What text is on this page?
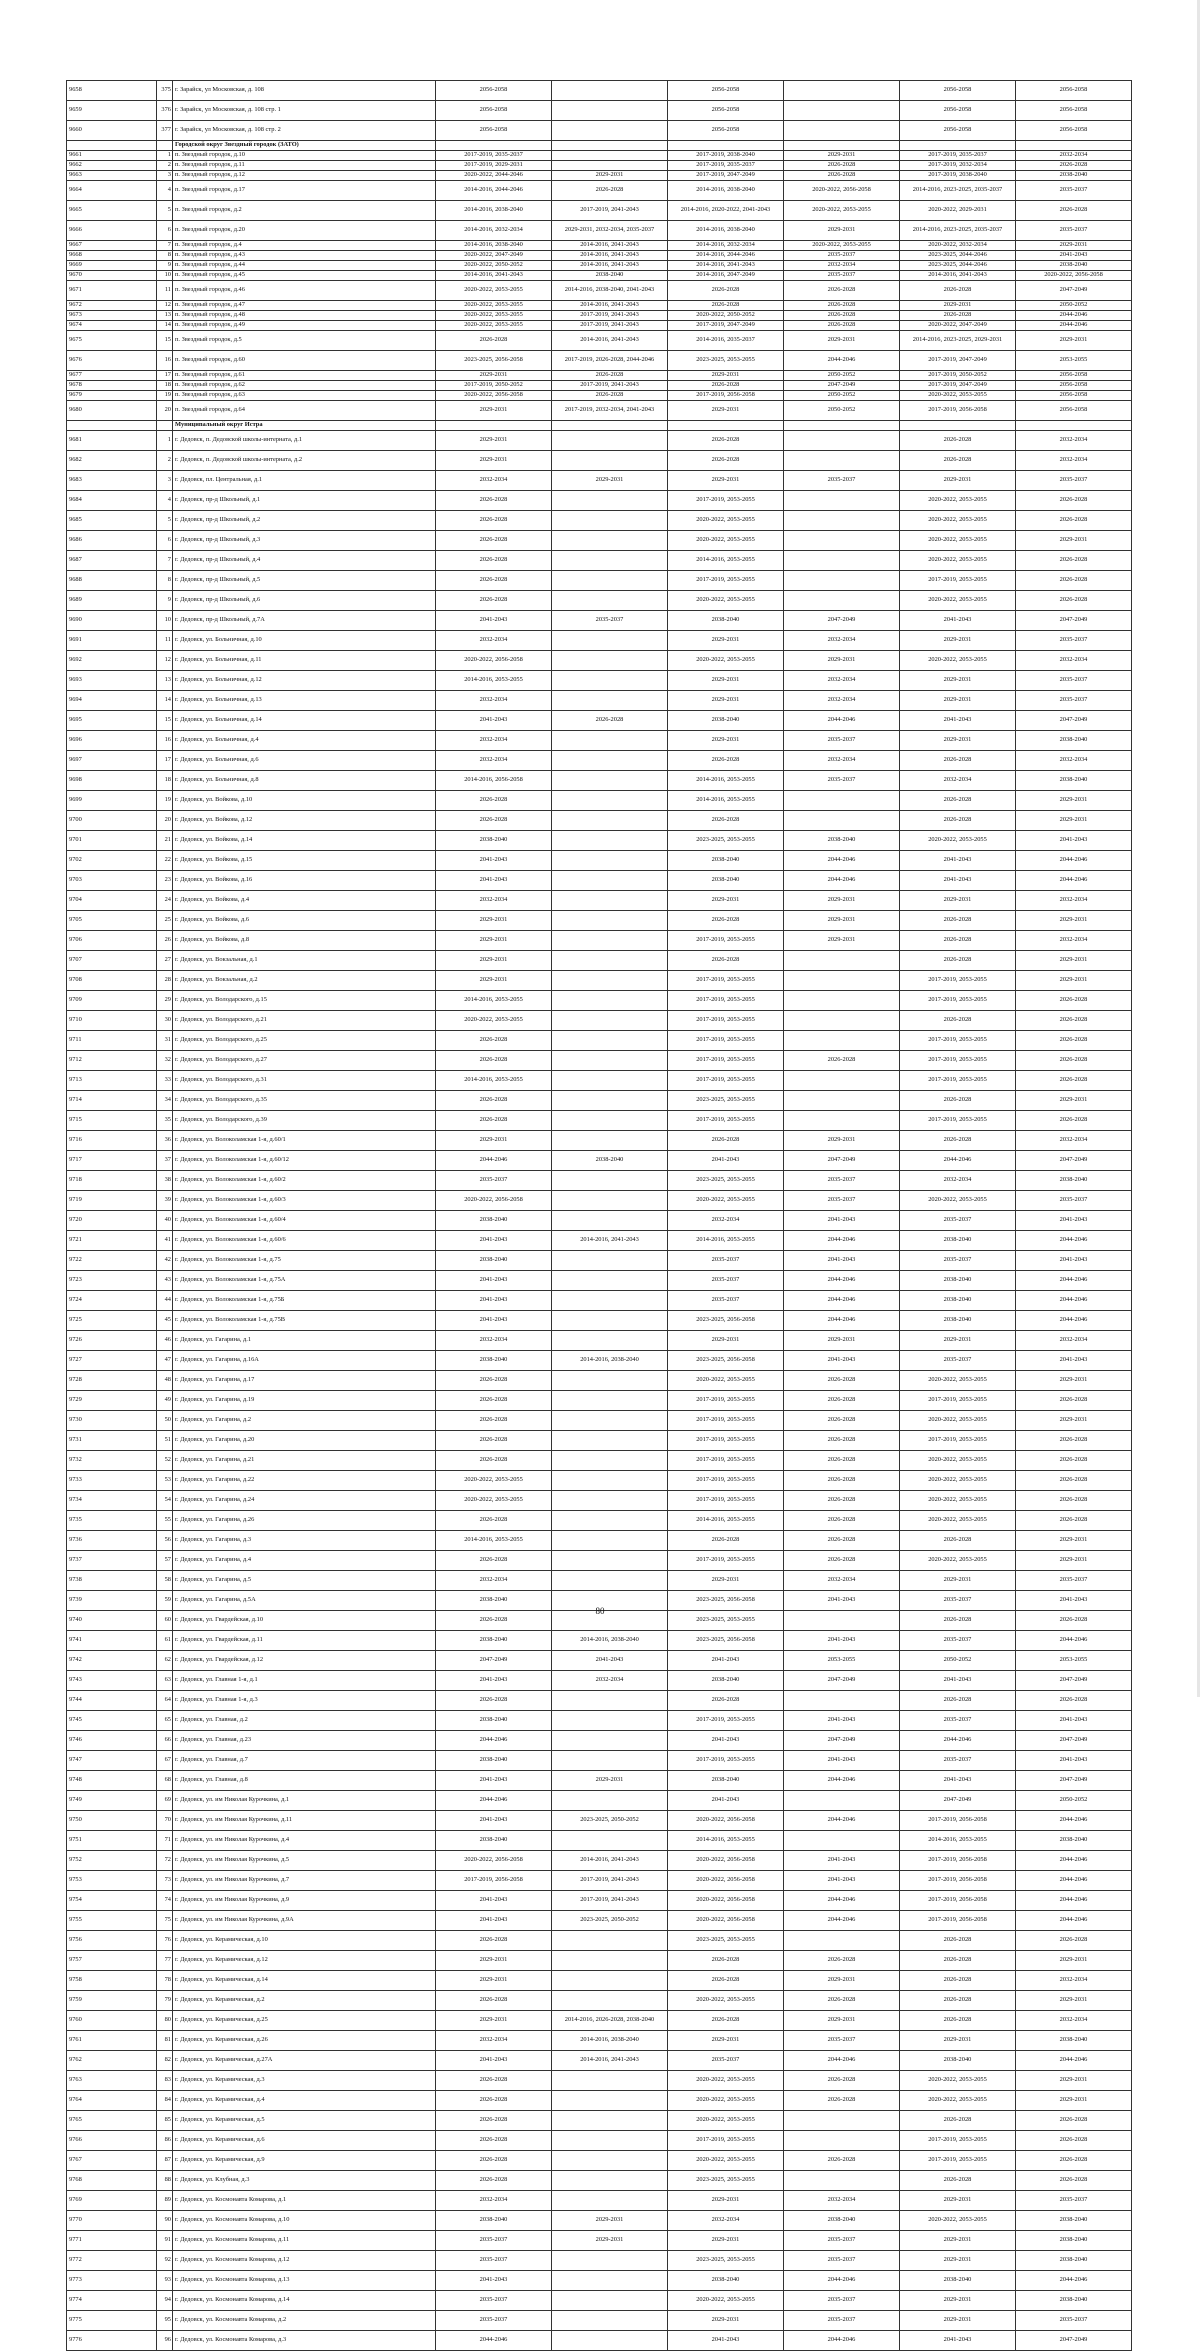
9658	375	г. Зарайск, ул Московская, д. 108	2056-2058		2056-2058		2056-2058	2056-2058
9659	376	г. Зарайск, ул Московская, д. 108 стр. 1	2056-2058		2056-2058		2056-2058	2056-2058
9660	377	г. Зарайск, ул Московская, д. 108 стр. 2	2056-2058		2056-2058		2056-2058	2056-2058
		Городской округ Звездный городок (ЗАТО)						
9661	1	п. Звездный городок, д.10	2017-2019, 2035-2037		2017-2019, 2038-2040	2029-2031	2017-2019, 2035-2037	2032-2034
9662	2	п. Звездный городок, д.11	2017-2019, 2029-2031		2017-2019, 2035-2037	2026-2028	2017-2019, 2032-2034	2026-2028
9663	3	п. Звездный городок, д.12	2020-2022, 2044-2046	2029-2031	2017-2019, 2047-2049	2026-2028	2017-2019, 2038-2040	2038-2040
9664	4	п. Звездный городок, д.17	2014-2016, 2044-2046	2026-2028	2014-2016, 2038-2040	2020-2022, 2056-2058	2014-2016, 2023-2025, 2035-2037	2035-2037
9665	5	п. Звездный городок, д.2	2014-2016, 2038-2040	2017-2019, 2041-2043	2014-2016, 2020-2022, 2041-2043	2020-2022, 2053-2055	2020-2022, 2029-2031	2026-2028
9666	6	п. Звездный городок, д.20	2014-2016, 2032-2034	2029-2031, 2032-2034, 2035-2037	2014-2016, 2038-2040	2029-2031	2014-2016, 2023-2025, 2035-2037	2035-2037
9667	7	п. Звездный городок, д.4	2014-2016, 2038-2040	2014-2016, 2041-2043	2014-2016, 2032-2034	2020-2022, 2053-2055	2020-2022, 2032-2034	2029-2031
9668	8	п. Звездный городок, д.43	2020-2022, 2047-2049	2014-2016, 2041-2043	2014-2016, 2044-2046	2035-2037	2023-2025, 2044-2046	2041-2043
9669	9	п. Звездный городок, д.44	2020-2022, 2050-2052	2014-2016, 2041-2043	2014-2016, 2041-2043	2032-2034	2023-2025, 2044-2046	2038-2040
9670	10	п. Звездный городок, д.45	2014-2016, 2041-2043	2038-2040	2014-2016, 2047-2049	2035-2037	2014-2016, 2041-2043	2020-2022, 2056-2058
9671	11	п. Звездный городок, д.46	2020-2022, 2053-2055	2014-2016, 2038-2040, 2041-2043	2026-2028	2026-2028	2026-2028	2047-2049
9672	12	п. Звездный городок, д.47	2020-2022, 2053-2055	2014-2016, 2041-2043	2026-2028	2026-2028	2029-2031	2050-2052
9673	13	п. Звездный городок, д.48	2020-2022, 2053-2055	2017-2019, 2041-2043	2020-2022, 2050-2052	2026-2028	2026-2028	2044-2046
9674	14	п. Звездный городок, д.49	2020-2022, 2053-2055	2017-2019, 2041-2043	2017-2019, 2047-2049	2026-2028	2020-2022, 2047-2049	2044-2046
9675	15	п. Звездный городок, д.5	2026-2028	2014-2016, 2041-2043	2014-2016, 2035-2037	2029-2031	2014-2016, 2023-2025, 2029-2031	2029-2031
9676	16	п. Звездный городок, д.60	2023-2025, 2056-2058	2017-2019, 2026-2028, 2044-2046	2023-2025, 2053-2055	2044-2046	2017-2019, 2047-2049	2053-2055
9677	17	п. Звездный городок, д.61	2029-2031	2026-2028	2029-2031	2050-2052	2017-2019, 2050-2052	2056-2058
9678	18	п. Звездный городок, д.62	2017-2019, 2050-2052	2017-2019, 2041-2043	2026-2028	2047-2049	2017-2019, 2047-2049	2056-2058
9679	19	п. Звездный городок, д.63	2020-2022, 2056-2058	2026-2028	2017-2019, 2056-2058	2050-2052	2020-2022, 2053-2055	2056-2058
9680	20	п. Звездный городок, д.64	2029-2031	2017-2019, 2032-2034, 2041-2043	2029-2031	2050-2052	2017-2019, 2056-2058	2056-2058
		Муниципальный округ Истра						
9681	1	г. Дедовск, п. Дедовской школы-интерната, д.1	2029-2031		2026-2028		2026-2028	2032-2034
9682	2	г. Дедовск, п. Дедовской школы-интерната, д.2	2029-2031		2026-2028		2026-2028	2032-2034
9683	3	г. Дедовск, пл. Центральная, д.1	2032-2034	2029-2031	2029-2031	2035-2037	2029-2031	2035-2037
9684	4	г. Дедовск, пр-д Школьный, д.1	2026-2028		2017-2019, 2053-2055		2020-2022, 2053-2055	2026-2028
9685	5	г. Дедовск, пр-д Школьный, д.2	2026-2028		2020-2022, 2053-2055		2020-2022, 2053-2055	2026-2028
9686	6	г. Дедовск, пр-д Школьный, д.3	2026-2028		2020-2022, 2053-2055		2020-2022, 2053-2055	2029-2031
9687	7	г. Дедовск, пр-д Школьный, д.4	2026-2028		2014-2016, 2053-2055		2020-2022, 2053-2055	2026-2028
9688	8	г. Дедовск, пр-д Школьный, д.5	2026-2028		2017-2019, 2053-2055		2017-2019, 2053-2055	2026-2028
9689	9	г. Дедовск, пр-д Школьный, д.6	2026-2028		2020-2022, 2053-2055		2020-2022, 2053-2055	2026-2028
9690	10	г. Дедовск, пр-д Школьный, д.7А	2041-2043	2035-2037	2038-2040	2047-2049	2041-2043	2047-2049
9691	11	г. Дедовск, ул. Больничная, д.10	2032-2034		2029-2031	2032-2034	2029-2031	2035-2037
9692	12	г. Дедовск, ул. Больничная, д.11	2020-2022, 2056-2058		2020-2022, 2053-2055	2029-2031	2020-2022, 2053-2055	2032-2034
9693	13	г. Дедовск, ул. Больничная, д.12	2014-2016, 2053-2055		2029-2031	2032-2034	2029-2031	2035-2037
9694	14	г. Дедовск, ул. Больничная, д.13	2032-2034		2029-2031	2032-2034	2029-2031	2035-2037
9695	15	г. Дедовск, ул. Больничная, д.14	2041-2043	2026-2028	2038-2040	2044-2046	2041-2043	2047-2049
9696	16	г. Дедовск, ул. Больничная, д.4	2032-2034		2029-2031	2035-2037	2029-2031	2038-2040
9697	17	г. Дедовск, ул. Больничная, д.6	2032-2034		2026-2028	2032-2034	2026-2028	2032-2034
9698	18	г. Дедовск, ул. Больничная, д.8	2014-2016, 2056-2058		2014-2016, 2053-2055	2035-2037	2032-2034	2038-2040
9699	19	г. Дедовск, ул. Войкова, д.10	2026-2028		2014-2016, 2053-2055		2026-2028	2029-2031
9700	20	г. Дедовск, ул. Войкова, д.12	2026-2028		2026-2028		2026-2028	2029-2031
9701	21	г. Дедовск, ул. Войкова, д.14	2038-2040		2023-2025, 2053-2055	2038-2040	2020-2022, 2053-2055	2041-2043
9702	22	г. Дедовск, ул. Войкова, д.15	2041-2043		2038-2040	2044-2046	2041-2043	2044-2046
9703	23	г. Дедовск, ул. Войкова, д.16	2041-2043		2038-2040	2044-2046	2041-2043	2044-2046
9704	24	г. Дедовск, ул. Войкова, д.4	2032-2034		2029-2031	2029-2031	2029-2031	2032-2034
9705	25	г. Дедовск, ул. Войкова, д.6	2029-2031		2026-2028	2029-2031	2026-2028	2029-2031
9706	26	г. Дедовск, ул. Войкова, д.8	2029-2031		2017-2019, 2053-2055	2029-2031	2026-2028	2032-2034
9707	27	г. Дедовск, ул. Вокзальная, д.1	2029-2031		2026-2028		2026-2028	2029-2031
9708	28	г. Дедовск, ул. Вокзальная, д.2	2029-2031		2017-2019, 2053-2055		2017-2019, 2053-2055	2029-2031
9709	29	г. Дедовск, ул. Володарского, д.15	2014-2016, 2053-2055		2017-2019, 2053-2055		2017-2019, 2053-2055	2026-2028
9710	30	г. Дедовск, ул. Володарского, д.21	2020-2022, 2053-2055		2017-2019, 2053-2055		2026-2028	2026-2028
9711	31	г. Дедовск, ул. Володарского, д.25	2026-2028		2017-2019, 2053-2055		2017-2019, 2053-2055	2026-2028
9712	32	г. Дедовск, ул. Володарского, д.27	2026-2028		2017-2019, 2053-2055	2026-2028	2017-2019, 2053-2055	2026-2028
9713	33	г. Дедовск, ул. Володарского, д.31	2014-2016, 2053-2055		2017-2019, 2053-2055		2017-2019, 2053-2055	2026-2028
9714	34	г. Дедовск, ул. Володарского, д.35	2026-2028		2023-2025, 2053-2055		2026-2028	2029-2031
9715	35	г. Дедовск, ул. Володарского, д.39	2026-2028		2017-2019, 2053-2055		2017-2019, 2053-2055	2026-2028
9716	36	г. Дедовск, ул. Волоколамская 1-я, д.60/1	2029-2031		2026-2028	2029-2031	2026-2028	2032-2034
9717	37	г. Дедовск, ул. Волоколамская 1-я, д.60/12	2044-2046	2038-2040	2041-2043	2047-2049	2044-2046	2047-2049
9718	38	г. Дедовск, ул. Волоколамская 1-я, д.60/2	2035-2037		2023-2025, 2053-2055	2035-2037	2032-2034	2038-2040
9719	39	г. Дедовск, ул. Волоколамская 1-я, д.60/3	2020-2022, 2056-2058		2020-2022, 2053-2055	2035-2037	2020-2022, 2053-2055	2035-2037
9720	40	г. Дедовск, ул. Волоколамская 1-я, д.60/4	2038-2040		2032-2034	2041-2043	2035-2037	2041-2043
9721	41	г. Дедовск, ул. Волоколамская 1-я, д.60/6	2041-2043	2014-2016, 2041-2043	2014-2016, 2053-2055	2044-2046	2038-2040	2044-2046
9722	42	г. Дедовск, ул. Волоколамская 1-я, д.75	2038-2040		2035-2037	2041-2043	2035-2037	2041-2043
9723	43	г. Дедовск, ул. Волоколамская 1-я, д.75А	2041-2043		2035-2037	2044-2046	2038-2040	2044-2046
9724	44	г. Дедовск, ул. Волоколамская 1-я, д.75Б	2041-2043		2035-2037	2044-2046	2038-2040	2044-2046
9725	45	г. Дедовск, ул. Волоколамская 1-я, д.75В	2041-2043		2023-2025, 2056-2058	2044-2046	2038-2040	2044-2046
9726	46	г. Дедовск, ул. Гагарина, д.1	2032-2034		2029-2031	2029-2031	2029-2031	2032-2034
9727	47	г. Дедовск, ул. Гагарина, д.16А	2038-2040	2014-2016, 2038-2040	2023-2025, 2056-2058	2041-2043	2035-2037	2041-2043
9728	48	г. Дедовск, ул. Гагарина, д.17	2026-2028		2020-2022, 2053-2055	2026-2028	2020-2022, 2053-2055	2029-2031
9729	49	г. Дедовск, ул. Гагарина, д.19	2026-2028		2017-2019, 2053-2055	2026-2028	2017-2019, 2053-2055	2026-2028
9730	50	г. Дедовск, ул. Гагарина, д.2	2026-2028		2017-2019, 2053-2055	2026-2028	2020-2022, 2053-2055	2029-2031
9731	51	г. Дедовск, ул. Гагарина, д.20	2026-2028		2017-2019, 2053-2055	2026-2028	2017-2019, 2053-2055	2026-2028
9732	52	г. Дедовск, ул. Гагарина, д.21	2026-2028		2017-2019, 2053-2055	2026-2028	2020-2022, 2053-2055	2026-2028
9733	53	г. Дедовск, ул. Гагарина, д.22	2020-2022, 2053-2055		2017-2019, 2053-2055	2026-2028	2020-2022, 2053-2055	2026-2028
9734	54	г. Дедовск, ул. Гагарина, д.24	2020-2022, 2053-2055		2017-2019, 2053-2055	2026-2028	2020-2022, 2053-2055	2026-2028
9735	55	г. Дедовск, ул. Гагарина, д.26	2026-2028		2014-2016, 2053-2055	2026-2028	2020-2022, 2053-2055	2026-2028
9736	56	г. Дедовск, ул. Гагарина, д.3	2014-2016, 2053-2055		2026-2028	2026-2028	2026-2028	2029-2031
9737	57	г. Дедовск, ул. Гагарина, д.4	2026-2028		2017-2019, 2053-2055	2026-2028	2020-2022, 2053-2055	2029-2031
9738	58	г. Дедовск, ул. Гагарина, д.5	2032-2034		2029-2031	2032-2034	2029-2031	2035-2037
9739	59	г. Дедовск, ул. Гагарина, д.5А	2038-2040		2023-2025, 2056-2058	2041-2043	2035-2037	2041-2043
9740	60	г. Дедовск, ул. Гвардейская, д.10	2026-2028		2023-2025, 2053-2055		2026-2028	2026-2028
9741	61	г. Дедовск, ул. Гвардейская, д.11	2038-2040	2014-2016, 2038-2040	2023-2025, 2056-2058	2041-2043	2035-2037	2044-2046
9742	62	г. Дедовск, ул. Гвардейская, д.12	2047-2049	2041-2043	2041-2043	2053-2055	2050-2052	2053-2055
9743	63	г. Дедовск, ул. Главная 1-я, д.1	2041-2043	2032-2034	2038-2040	2047-2049	2041-2043	2047-2049
9744	64	г. Дедовск, ул. Главная 1-я, д.3	2026-2028		2026-2028		2026-2028	2026-2028
9745	65	г. Дедовск, ул. Главная, д.2	2038-2040		2017-2019, 2053-2055	2041-2043	2035-2037	2041-2043
9746	66	г. Дедовск, ул. Главная, д.23	2044-2046		2041-2043	2047-2049	2044-2046	2047-2049
9747	67	г. Дедовск, ул. Главная, д.7	2038-2040		2017-2019, 2053-2055	2041-2043	2035-2037	2041-2043
9748	68	г. Дедовск, ул. Главная, д.8	2041-2043	2029-2031	2038-2040	2044-2046	2041-2043	2047-2049
9749	69	г. Дедовск, ул. им Николая Курочкина, д.1	2044-2046		2041-2043		2047-2049	2050-2052
9750	70	г. Дедовск, ул. им Николая Курочкина, д.11	2041-2043	2023-2025, 2050-2052	2020-2022, 2056-2058	2044-2046	2017-2019, 2056-2058	2044-2046
9751	71	г. Дедовск, ул. им Николая Курочкина, д.4	2038-2040		2014-2016, 2053-2055		2014-2016, 2053-2055	2038-2040
9752	72	г. Дедовск, ул. им Николая Курочкина, д.5	2020-2022, 2056-2058	2014-2016, 2041-2043	2020-2022, 2056-2058	2041-2043	2017-2019, 2056-2058	2044-2046
9753	73	г. Дедовск, ул. им Николая Курочкина, д.7	2017-2019, 2056-2058	2017-2019, 2041-2043	2020-2022, 2056-2058	2041-2043	2017-2019, 2056-2058	2044-2046
9754	74	г. Дедовск, ул. им Николая Курочкина, д.9	2041-2043	2017-2019, 2041-2043	2020-2022, 2056-2058	2044-2046	2017-2019, 2056-2058	2044-2046
9755	75	г. Дедовск, ул. им Николая Курочкина, д.9А	2041-2043	2023-2025, 2050-2052	2020-2022, 2056-2058	2044-2046	2017-2019, 2056-2058	2044-2046
9756	76	г. Дедовск, ул. Керамическая, д.10	2026-2028		2023-2025, 2053-2055		2026-2028	2026-2028
9757	77	г. Дедовск, ул. Керамическая, д.12	2029-2031		2026-2028	2026-2028	2026-2028	2029-2031
9758	78	г. Дедовск, ул. Керамическая, д.14	2029-2031		2026-2028	2029-2031	2026-2028	2032-2034
9759	79	г. Дедовск, ул. Керамическая, д.2	2026-2028		2020-2022, 2053-2055	2026-2028	2026-2028	2029-2031
9760	80	г. Дедовск, ул. Керамическая, д.25	2029-2031	2014-2016, 2026-2028, 2038-2040	2026-2028	2029-2031	2026-2028	2032-2034
9761	81	г. Дедовск, ул. Керамическая, д.26	2032-2034	2014-2016, 2038-2040	2029-2031	2035-2037	2029-2031	2038-2040
9762	82	г. Дедовск, ул. Керамическая, д.27А	2041-2043	2014-2016, 2041-2043	2035-2037	2044-2046	2038-2040	2044-2046
9763	83	г. Дедовск, ул. Керамическая, д.3	2026-2028		2020-2022, 2053-2055	2026-2028	2020-2022, 2053-2055	2029-2031
9764	84	г. Дедовск, ул. Керамическая, д.4	2026-2028		2020-2022, 2053-2055	2026-2028	2020-2022, 2053-2055	2029-2031
9765	85	г. Дедовск, ул. Керамическая, д.5	2026-2028		2020-2022, 2053-2055		2026-2028	2026-2028
9766	86	г. Дедовск, ул. Керамическая, д.6	2026-2028		2017-2019, 2053-2055		2017-2019, 2053-2055	2026-2028
9767	87	г. Дедовск, ул. Керамическая, д.9	2026-2028		2020-2022, 2053-2055	2026-2028	2017-2019, 2053-2055	2026-2028
9768	88	г. Дедовск, ул. Клубная, д.3	2026-2028		2023-2025, 2053-2055		2026-2028	2026-2028
9769	89	г. Дедовск, ул. Космонавта Комарова, д.1	2032-2034		2029-2031	2032-2034	2029-2031	2035-2037
9770	90	г. Дедовск, ул. Космонавта Комарова, д.10	2038-2040	2029-2031	2032-2034	2038-2040	2020-2022, 2053-2055	2038-2040
9771	91	г. Дедовск, ул. Космонавта Комарова, д.11	2035-2037	2029-2031	2029-2031	2035-2037	2029-2031	2038-2040
9772	92	г. Дедовск, ул. Космонавта Комарова, д.12	2035-2037		2023-2025, 2053-2055	2035-2037	2029-2031	2038-2040
9773	93	г. Дедовск, ул. Космонавта Комарова, д.13	2041-2043		2038-2040	2044-2046	2038-2040	2044-2046
9774	94	г. Дедовск, ул. Космонавта Комарова, д.14	2035-2037		2020-2022, 2053-2055	2035-2037	2029-2031	2038-2040
9775	95	г. Дедовск, ул. Космонавта Комарова, д.2	2035-2037		2029-2031	2035-2037	2029-2031	2035-2037
9776	96	г. Дедовск, ул. Космонавта Комарова, д.3	2044-2046		2041-2043	2044-2046	2041-2043	2047-2049
80
